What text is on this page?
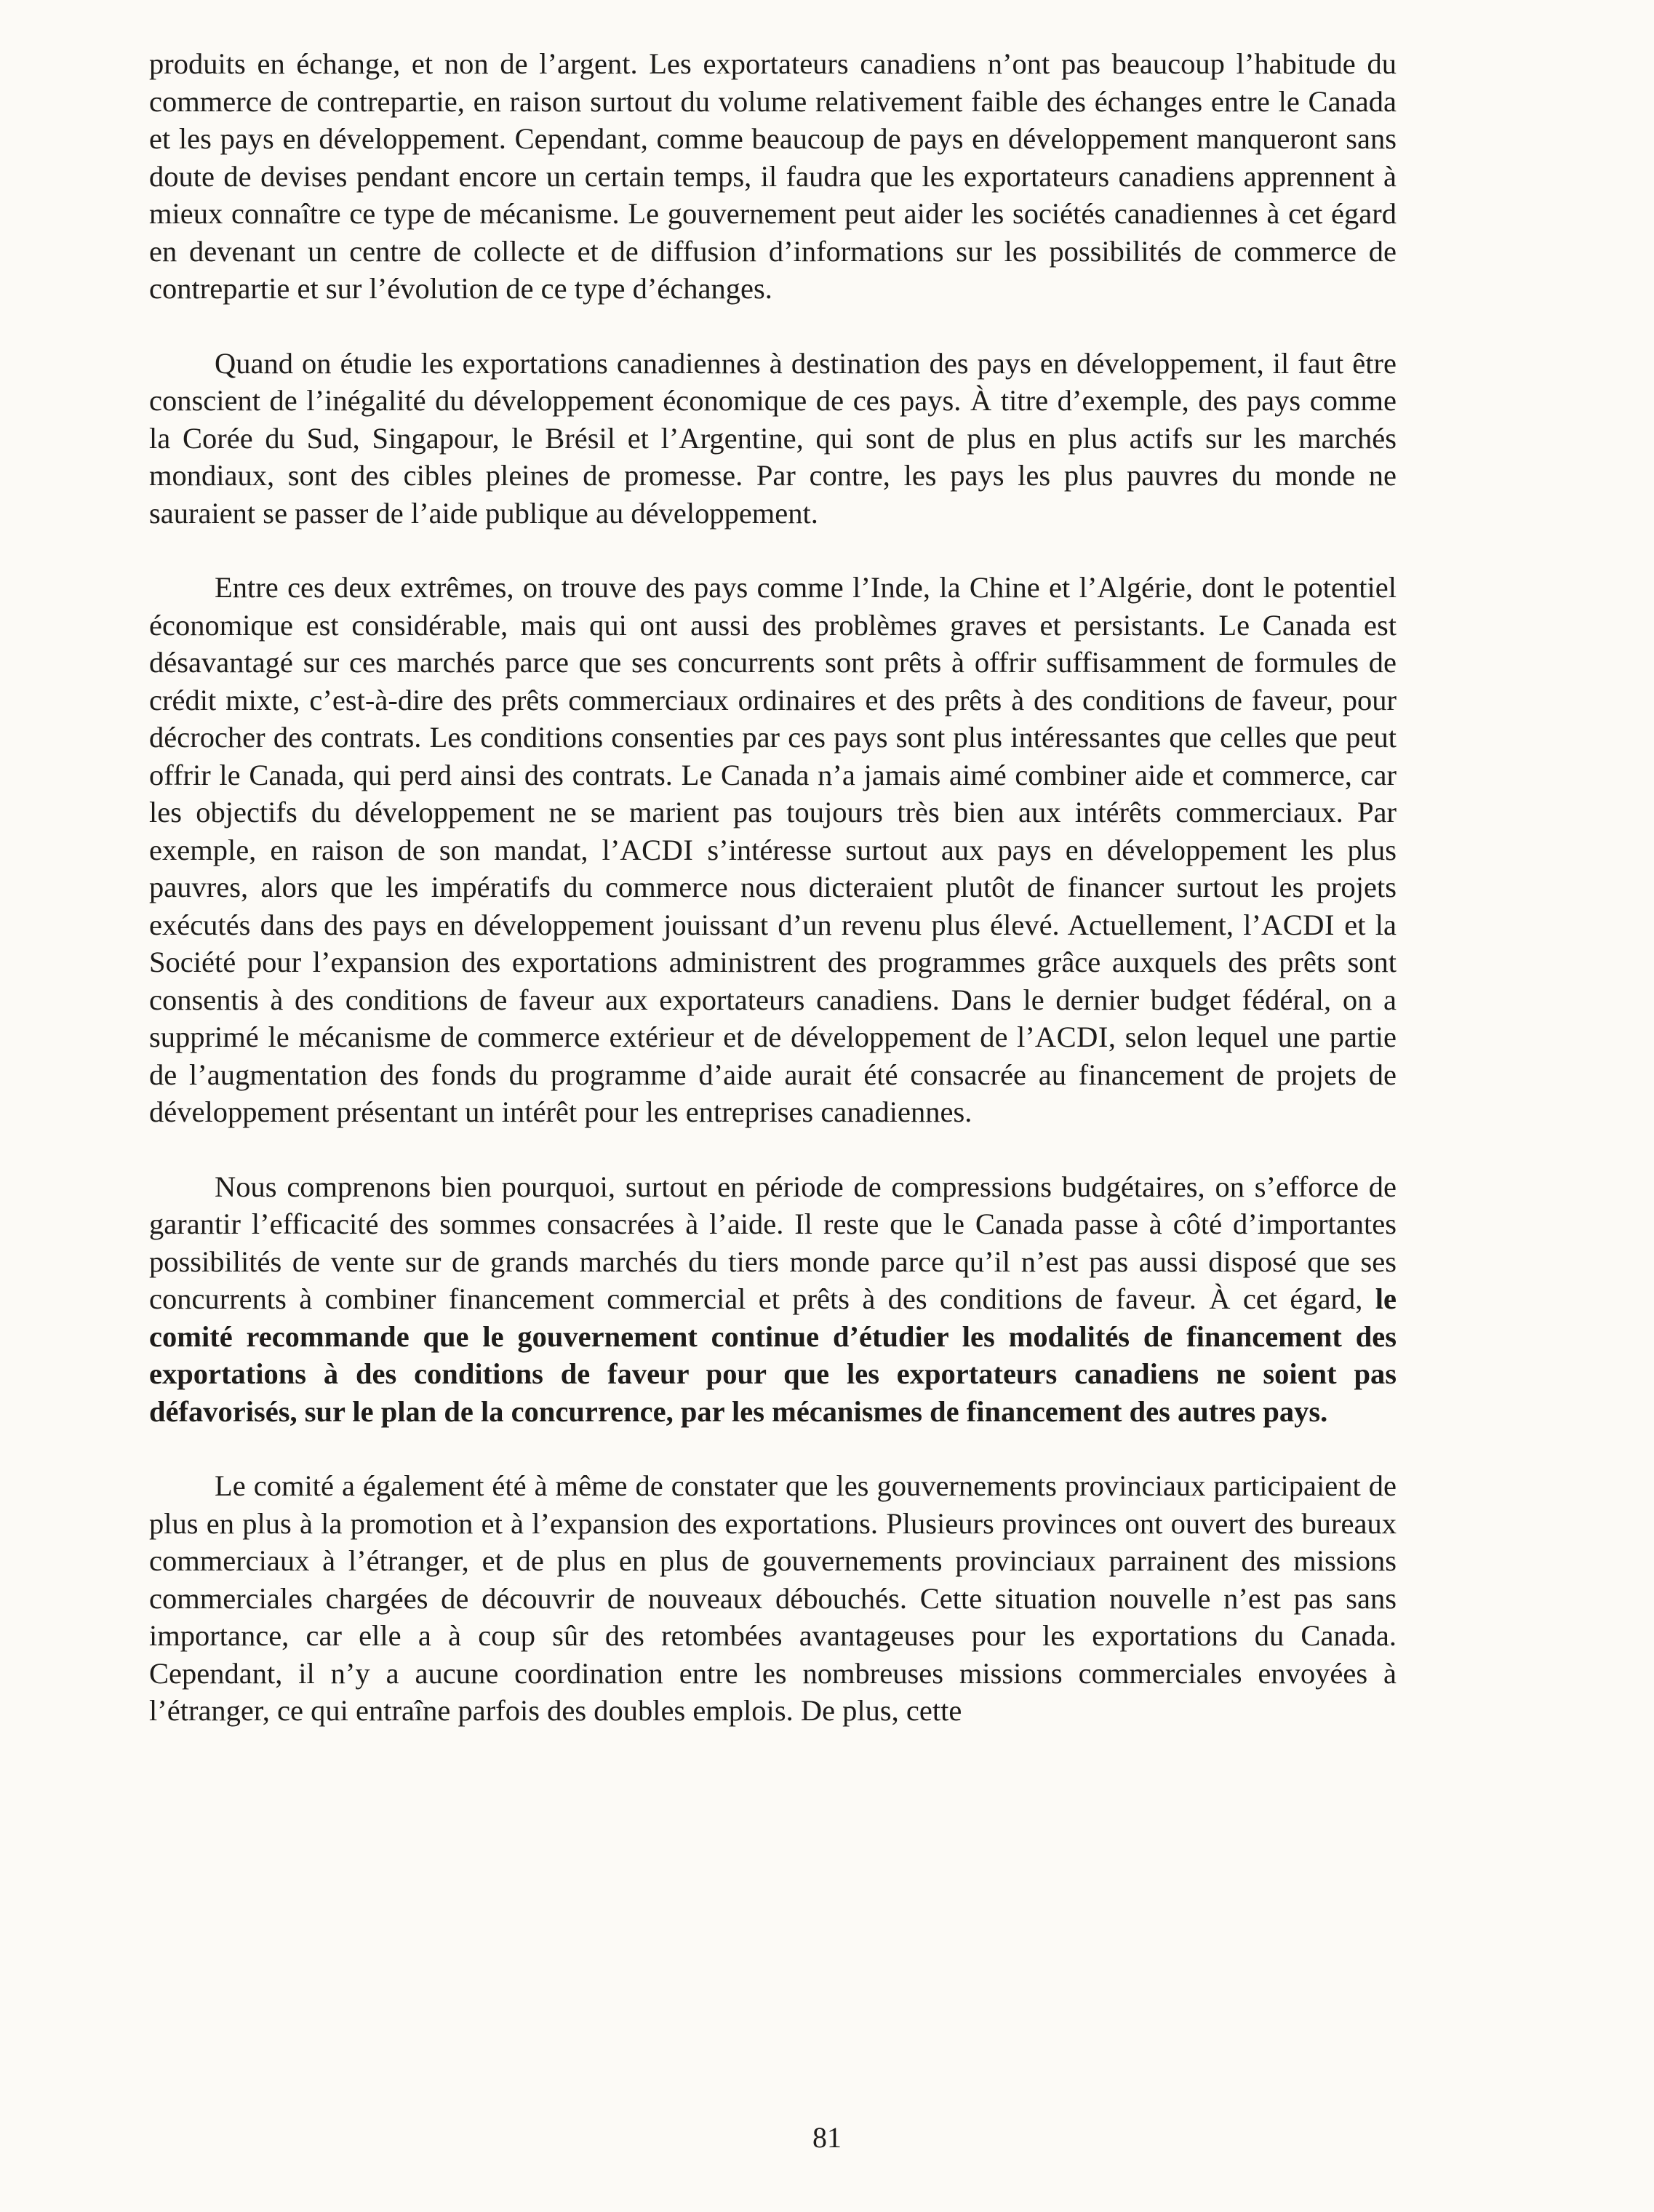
produits en échange, et non de l’argent. Les exportateurs canadiens n’ont pas beaucoup l’habitude du commerce de contrepartie, en raison surtout du volume relativement faible des échanges entre le Canada et les pays en développement. Cependant, comme beaucoup de pays en développement manqueront sans doute de devises pendant encore un certain temps, il faudra que les exportateurs canadiens apprennent à mieux connaître ce type de mécanisme. Le gouvernement peut aider les sociétés canadiennes à cet égard en devenant un centre de collecte et de diffusion d’informations sur les possibilités de commerce de contrepartie et sur l’évolution de ce type d’échanges.

Quand on étudie les exportations canadiennes à destination des pays en développement, il faut être conscient de l’inégalité du développement économique de ces pays. À titre d’exemple, des pays comme la Corée du Sud, Singapour, le Brésil et l’Argentine, qui sont de plus en plus actifs sur les marchés mondiaux, sont des cibles pleines de promesse. Par contre, les pays les plus pauvres du monde ne sauraient se passer de l’aide publique au développement.

Entre ces deux extrêmes, on trouve des pays comme l’Inde, la Chine et l’Algérie, dont le potentiel économique est considérable, mais qui ont aussi des problèmes graves et persistants. Le Canada est désavantagé sur ces marchés parce que ses concurrents sont prêts à offrir suffisamment de formules de crédit mixte, c’est-à-dire des prêts commerciaux ordinaires et des prêts à des conditions de faveur, pour décrocher des contrats. Les conditions consenties par ces pays sont plus intéressantes que celles que peut offrir le Canada, qui perd ainsi des contrats. Le Canada n’a jamais aimé combiner aide et commerce, car les objectifs du développement ne se marient pas toujours très bien aux intérêts commerciaux. Par exemple, en raison de son mandat, l’ACDI s’intéresse surtout aux pays en développement les plus pauvres, alors que les impératifs du commerce nous dicteraient plutôt de financer surtout les projets exécutés dans des pays en développement jouissant d’un revenu plus élevé. Actuellement, l’ACDI et la Société pour l’expansion des exportations administrent des programmes grâce auxquels des prêts sont consentis à des conditions de faveur aux exportateurs canadiens. Dans le dernier budget fédéral, on a supprimé le mécanisme de commerce extérieur et de développement de l’ACDI, selon lequel une partie de l’augmentation des fonds du programme d’aide aurait été consacrée au financement de projets de développement présentant un intérêt pour les entreprises canadiennes.

Nous comprenons bien pourquoi, surtout en période de compressions budgétaires, on s’efforce de garantir l’efficacité des sommes consacrées à l’aide. Il reste que le Canada passe à côté d’importantes possibilités de vente sur de grands marchés du tiers monde parce qu’il n’est pas aussi disposé que ses concurrents à combiner financement commercial et prêts à des conditions de faveur. À cet égard, le comité recommande que le gouvernement continue d’étudier les modalités de financement des exportations à des conditions de faveur pour que les exportateurs canadiens ne soient pas défavorisés, sur le plan de la concurrence, par les mécanismes de financement des autres pays.

Le comité a également été à même de constater que les gouvernements provinciaux participaient de plus en plus à la promotion et à l’expansion des exportations. Plusieurs provinces ont ouvert des bureaux commerciaux à l’étranger, et de plus en plus de gouvernements provinciaux parrainent des missions commerciales chargées de découvrir de nouveaux débouchés. Cette situation nouvelle n’est pas sans importance, car elle a à coup sûr des retombées avantageuses pour les exportations du Canada. Cependant, il n’y a aucune coordination entre les nombreuses missions commerciales envoyées à l’étranger, ce qui entraîne parfois des doubles emplois. De plus, cette

81
